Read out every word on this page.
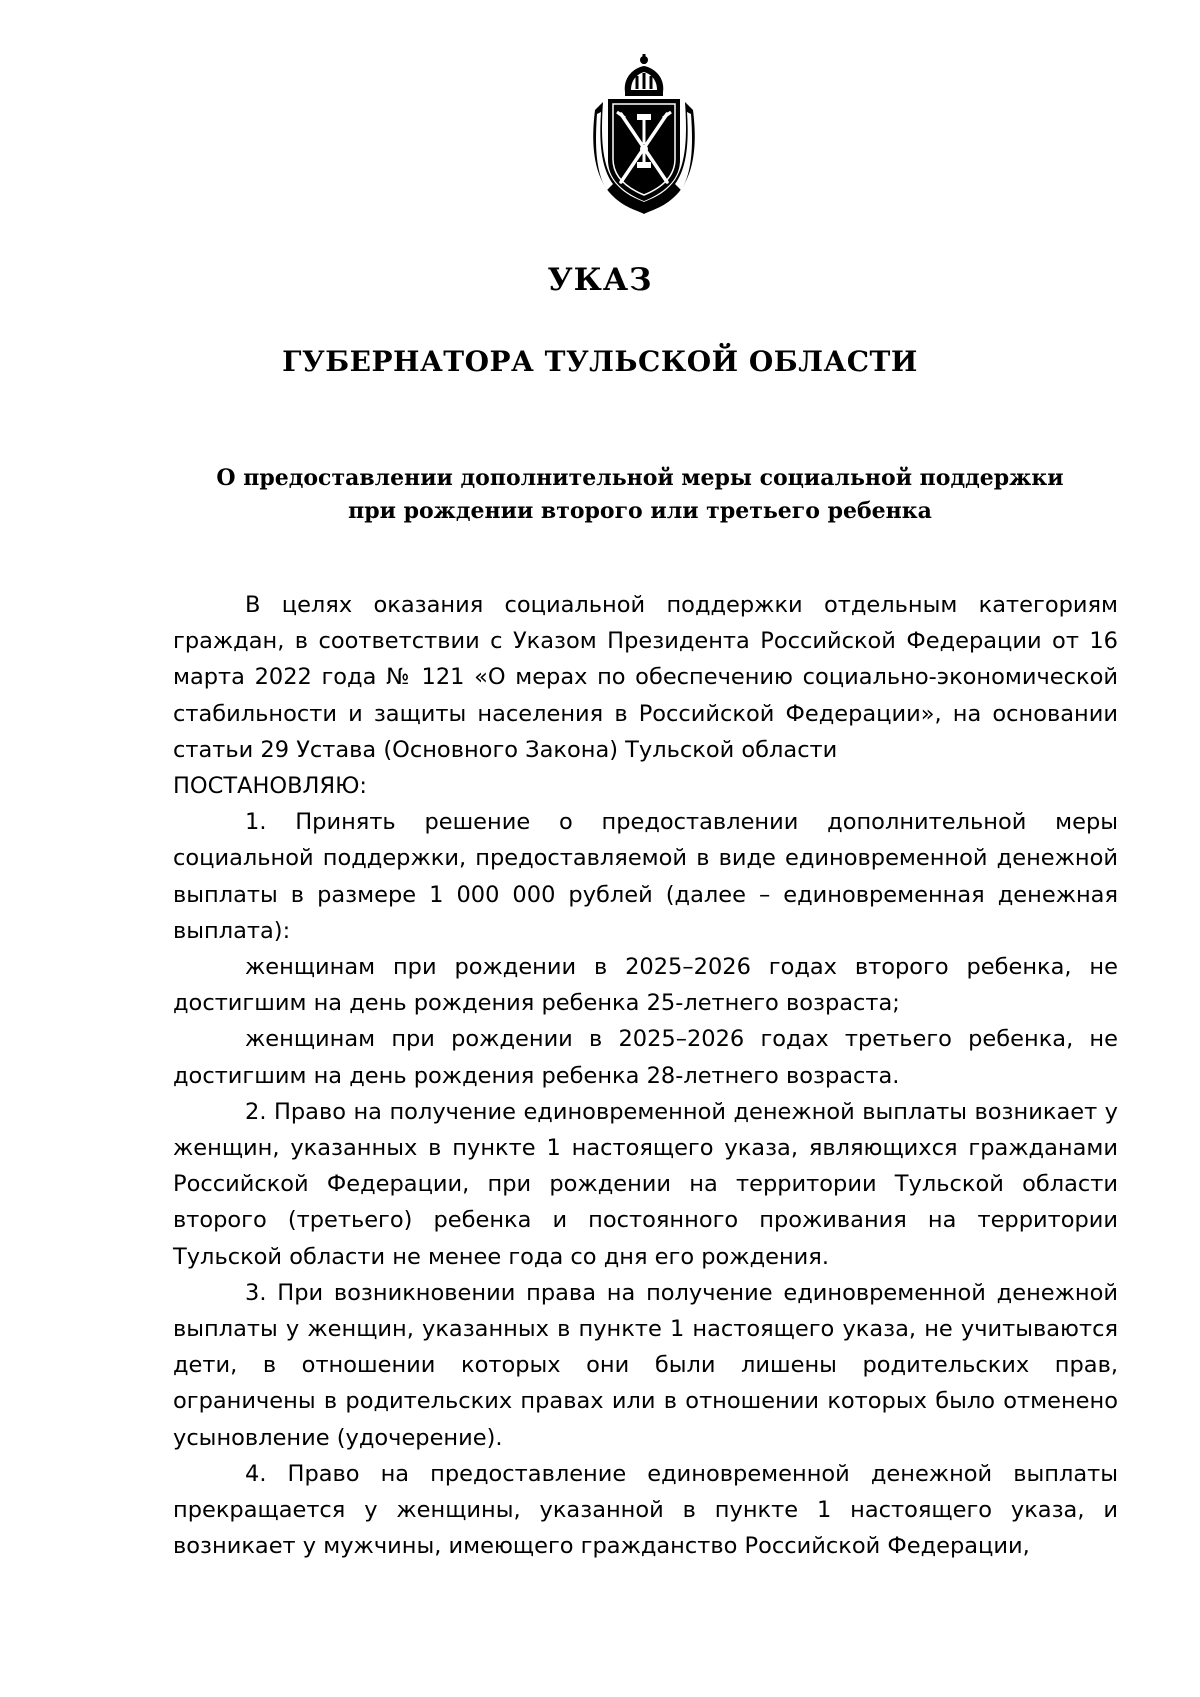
УКАЗ
ГУБЕРНАТОРА ТУЛЬСКОЙ ОБЛАСТИ
О предоставлении дополнительной меры социальной поддержки
при рождении второго или третьего ребенка

В целях оказания социальной поддержки отдельным категориям граждан, в соответствии с Указом Президента Российской Федерации от 16 марта 2022 года № 121 «О мерах по обеспечению социально-экономической стабильности и защиты населения в Российской Федерации», на основании статьи 29 Устава (Основного Закона) Тульской области

ПОСТАНОВЛЯЮ:

1. Принять решение о предоставлении дополнительной меры социальной поддержки, предоставляемой в виде единовременной денежной выплаты в размере 1 000 000 рублей (далее – единовременная денежная выплата):

женщинам при рождении в 2025–2026 годах второго ребенка, не достигшим на день рождения ребенка 25-летнего возраста;

женщинам при рождении в 2025–2026 годах третьего ребенка, не достигшим на день рождения ребенка 28-летнего возраста.

2. Право на получение единовременной денежной выплаты возникает у женщин, указанных в пункте 1 настоящего указа, являющихся гражданами Российской Федерации, при рождении на территории Тульской области второго (третьего) ребенка и постоянного проживания на территории Тульской области не менее года со дня его рождения.

3. При возникновении права на получение единовременной денежной выплаты у женщин, указанных в пункте 1 настоящего указа, не учитываются дети, в отношении которых они были лишены родительских прав, ограничены в родительских правах или в отношении которых было отменено усыновление (удочерение).

4. Право на предоставление единовременной денежной выплаты прекращается у женщины, указанной в пункте 1 настоящего указа, и возникает у мужчины, имеющего гражданство Российской Федерации,
